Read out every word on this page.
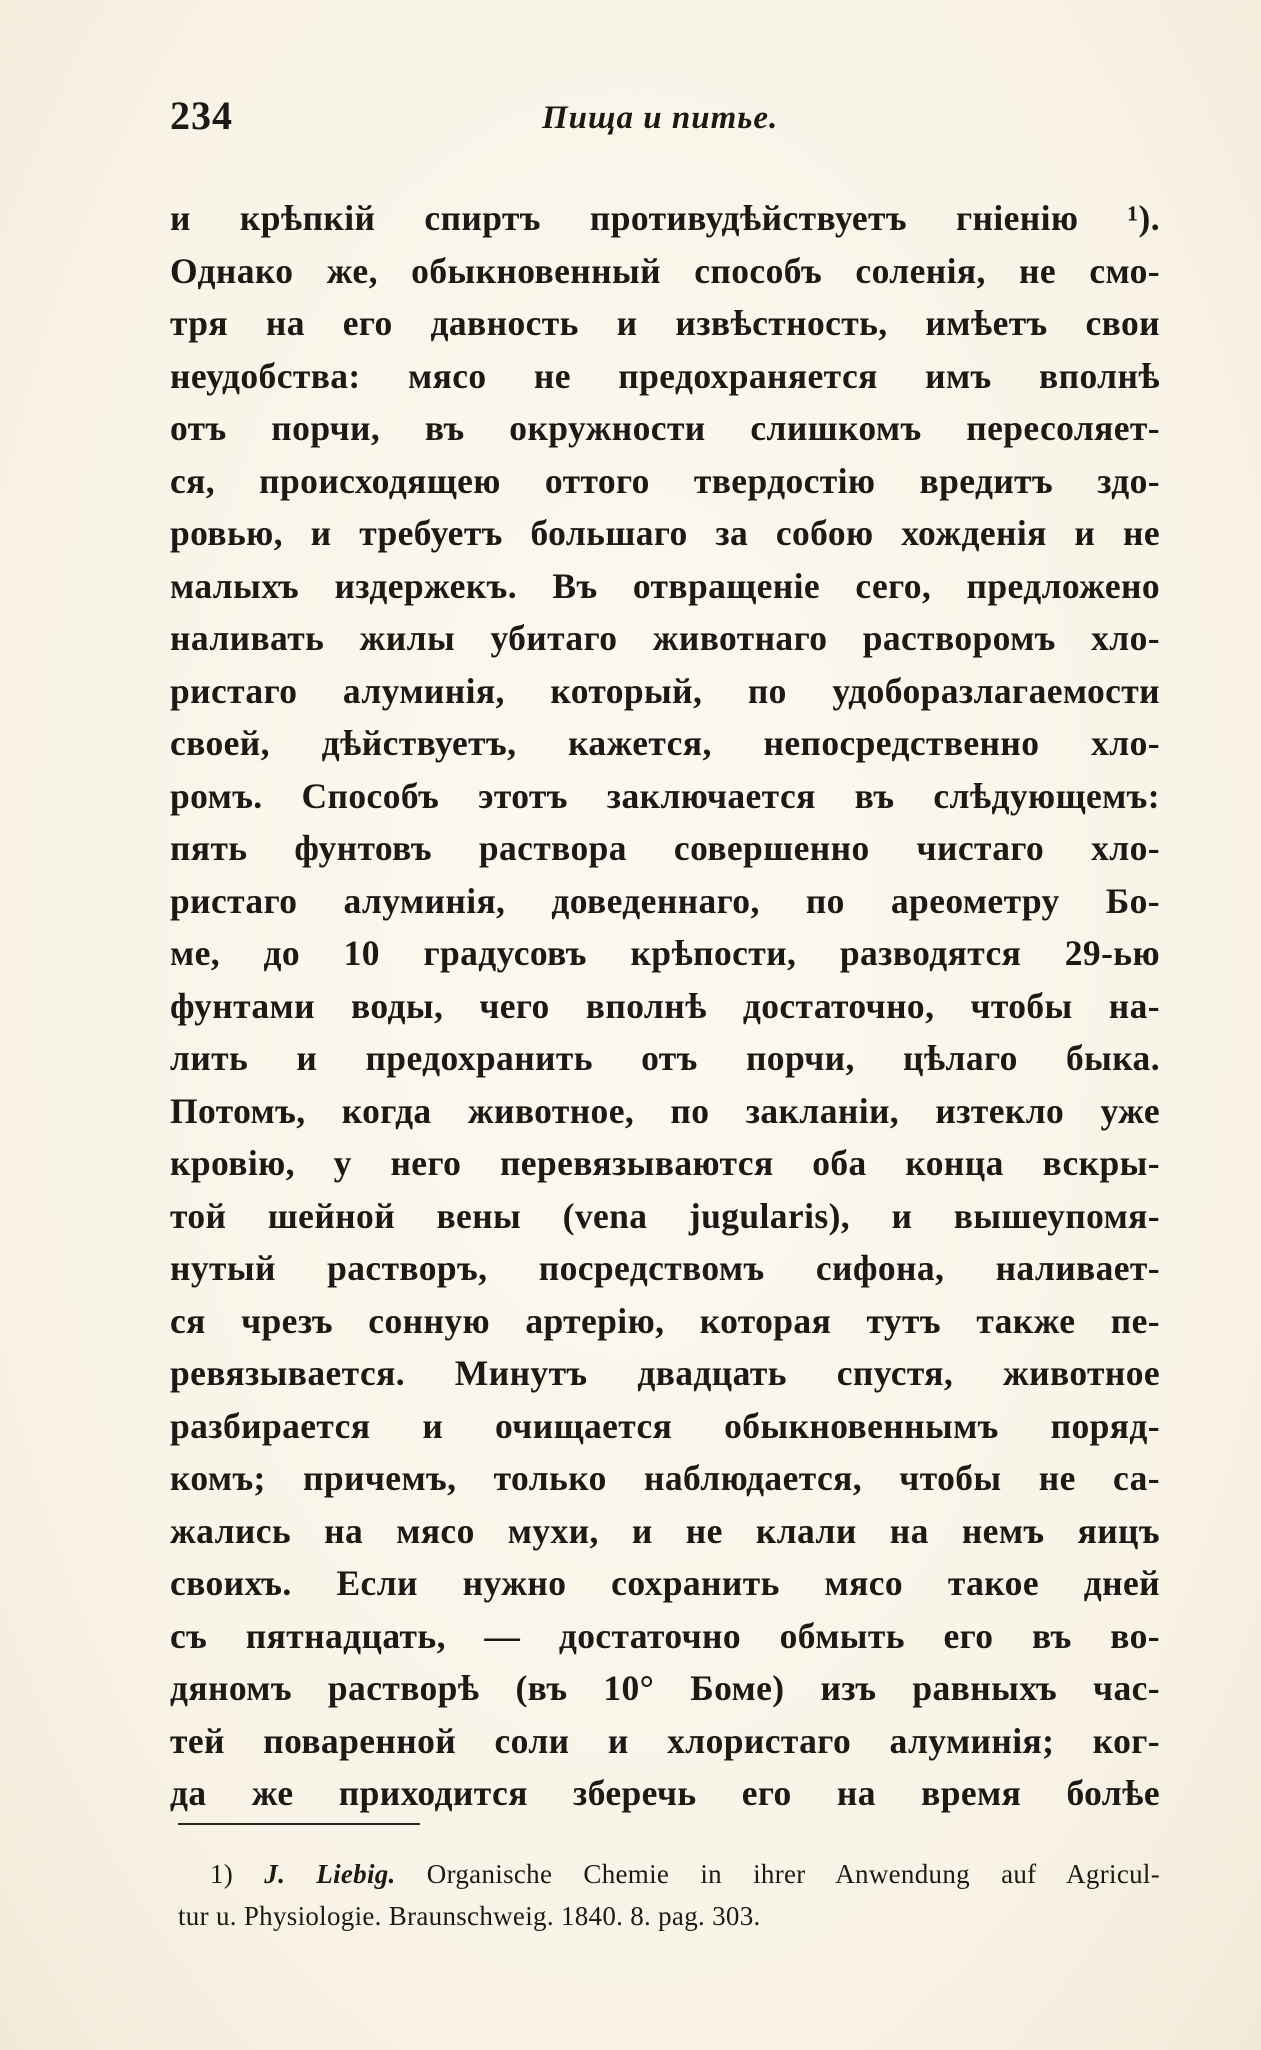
234	Пища и питье.
и крѣпкій спиртъ противудѣйствуетъ гніенію ¹).
Однако же, обыкновенный способъ соленія, не смо-
тря на его давность и извѣстность, имѣетъ свои
неудобства: мясо не предохраняется имъ вполнѣ
отъ порчи, въ окружности слишкомъ пересоляет-
ся, происходящею оттого твердостію вредитъ здо-
ровью, и требуетъ большаго за собою хожденія и не
малыхъ издержекъ. Въ отвращеніе сего, предложено
наливать жилы убитаго животнаго растворомъ хло-
ристаго алуминія, который, по удоборазлагаемости
своей, дѣйствуетъ, кажется, непосредственно хло-
ромъ. Способъ этотъ заключается въ слѣдующемъ:
пять фунтовъ раствора совершенно чистаго хло-
ристаго алуминія, доведеннаго, по ареометру Бо-
ме, до 10 градусовъ крѣпости, разводятся 29-ью
фунтами воды, чего вполнѣ достаточно, чтобы на-
лить и предохранить отъ порчи, цѣлаго быка.
Потомъ, когда животное, по закланіи, изтекло уже
кровію, у него перевязываются оба конца вскры-
той шейной вены (vena jugularis), и вышеупомя-
нутый растворъ, посредствомъ сифона, наливает-
ся чрезъ сонную артерію, которая тутъ также пе-
ревязывается. Минутъ двадцать спустя, животное
разбирается и очищается обыкновеннымъ поряд-
комъ; причемъ, только наблюдается, чтобы не са-
жались на мясо мухи, и не клали на немъ яицъ
своихъ. Если нужно сохранить мясо такое дней
съ пятнадцать, — достаточно обмыть его въ во-
дяномъ растворѣ (въ 10° Боме) изъ равныхъ час-
тей поваренной соли и хлористаго алуминія; ког-
да же приходится зберечь его на время болѣе
1) J. Liebig. Organische Chemie in ihrer Anwendung auf Agricul-
tur u. Physiologie. Braunschweig. 1840. 8. pag. 303.
